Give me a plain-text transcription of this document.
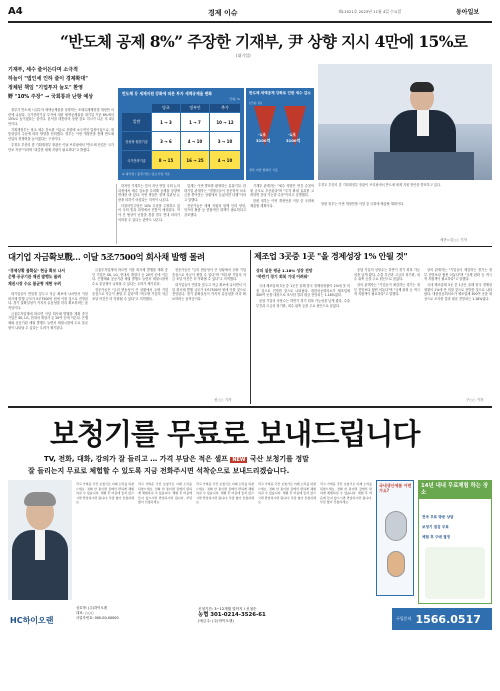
A4	경제 이슈	제11521호 2023년 11월 4일 수요일	동아일보
“반도체 공제 8%” 주장한 기재부, 尹 상향 지시 4만에 15%로
(대기업)
기재부, 세수 줄어든다며 소극적
하늘이 "법인세 인하 줄이 경제확대"
정체된 책임 "기업투자 늘도" 환영
野 "10% 주장" → 국회통과 난항 예상

정부가 반도체 시설투자 세액공제율을 상향하는 조세특례제한법 개정안 마련에 나섰다. 국가전략기술 투자에 대한 세액공제율을 대기업 기준 8%에서 15%로 높이겠다는 것이다. 윤석열 대통령의 상향 검토 지시가 나온 지 4일 만이다.

기획재정부는 당초 세수 감소를 이유로 상향에 소극적인 입장이었으나, 대통령실의 주문에 따라 방향을 선회했다. 정부는 이번 개정안을 통해 반도체 산업의 경쟁력을 높이겠다는 구상이다.

추경호 부총리 겸 기획재정부 장관은 이날 브리핑에서 "반도체 산업은 국가 안보 자산"이라며 "과감한 세제 지원이 필요하다"고 밝혔다.

반도체 등 세제지원 강화에 따른 투자 세액공제율 변화
단위: %
당초	정부안	추가
일반	1 → 3	1 → 7	10 → 12
신성장·원천기술	3 → 6	4 → 10	3 → 10
국가전략기술	8 → 15	16 → 25	4 → 10
※ 대기업 / 중견기업 / 중소기업 기준
반도체 세액공제 강화로 인한 세수 감소
(단위: 원)
-1조
3100억
-1조
3100억
정부·여당 합의안 기준
추경호 부총리 겸 기획재정부 장관이 브리핑에서 반도체 세제 지원 방안을 발표하고 있다.

하지만 기재부는 앞서 지난 연말 국회 논의 과정에서 세수 감소를 우려해 공제율 상향에 반대한 바 있다. 이번 방침은 정책 일관성 논란을 피하기 어렵다는 지적이 나온다.

더불어민주당은 10% 수준을 주장하고 있어 국회 통과 과정에서 진통이 예상된다. 여야 간 협상이 난항을 겪을 경우 연내 처리가 어려울 수 있다는 관측도 나온다.

업계는 이번 발표를 환영하는 분위기다. 한 대기업 관계자는 "경쟁국들이 천문학적 보조금을 쏟아붓는 상황에서 늦었지만 다행"이라고 말했다.

전문가들은 세제 지원과 함께 인력 양성, 인프라 확충 등 종합적인 대책이 필요하다고 강조했다.

기재부 관계자는 "세수 영향은 연간 수천억 원 규모로 추산된다"며 "투자 확대 효과를 고려하면 감당 가능한 수준"이라고 설명했다.

한편 정부는 이번 개정안을 이달 중 국회에 제출할 계획이다.	한편 정부는 이번 개정안을 이달 중 국회에 제출할 계획이다.

세종=김○○ 기자
대기업 자금확보戰… 이달 5조7500억 회사채 발행 몰려
"경제상황 불확실" 현금 확보 나서
은행·공공기관 채권 발행도 몰려
채권시장 수요 불균형 재현 우려

대기업들이 연말을 앞두고 자금 확보에 나서면서 이달 회사채 발행 규모가 5조7500억 원에 이를 것으로 전망된다. 경기 불확실성이 커지자 유동성을 미리 확보하려는 움직임이다.

금융투자업계에 따르면 이달 회사채 발행을 계획 중인 기업은 SK, LG, 현대차 계열사 등 20여 곳에 이른다. 은행채와 공공기관 채권 발행도 늘면서 채권시장에 수요 불균형이 나타날 수 있다는 우려가 제기된다.

금융투자업계에 따르면 이달 회사채 발행을 계획 중인 기업은 SK, LG, 현대차 계열사 등 20여 곳에 이른다. 은행채와 공공기관 채권 발행도 늘면서 채권시장에 수요 불균형이 나타날 수 있다는 우려가 제기된다.

전문가들은 "금리 변동성이 큰 상황에서 우량 기업 중심으로 자금이 쏠릴 수 있다"며 "비우량 기업의 자금 조달 여건은 더 악화될 수 있다"고 지적했다.

전문가들은 "금리 변동성이 큰 상황에서 우량 기업 중심으로 자금이 쏠릴 수 있다"며 "비우량 기업의 자금 조달 여건은 더 악화될 수 있다"고 지적했다.

대기업들이 연말을 앞두고 자금 확보에 나서면서 이달 회사채 발행 규모가 5조7500억 원에 이를 것으로 전망된다. 경기 불확실성이 커지자 유동성을 미리 확보하려는 움직임이다.

신○○ 기자
제조업 3곳중 1곳 "올 경제성장 1% 안될 것"
상의 설문 평균 1.18% 성장 전망
"하반기 경기 회복 기대 어려워"

국내 제조업체 3곳 중 1곳은 올해 한국 경제성장률이 1%에 못 미칠 것으로 전망한 것으로 나타났다. 대한상공회의소가 제조업체 300여 곳을 대상으로 조사한 결과 평균 전망치는 1.18%였다.

응답 기업의 상당수는 하반기 경기 회복 가능성을 낮게 봤다. 수출 부진과 고금리 장기화, 내수 위축 등을 주요 원인으로 꼽았다.

응답 기업의 상당수는 하반기 경기 회복 가능성을 낮게 봤다. 수출 부진과 고금리 장기화, 내수 위축 등을 주요 원인으로 꼽았다.

상의 관계자는 "기업들이 체감하는 경기는 정부 전망보다 훨씬 어둡다"며 "규제 완화 등 적극적 지원책이 필요하다"고 말했다.

상의 관계자는 "기업들이 체감하는 경기는 정부 전망보다 훨씬 어둡다"며 "규제 완화 등 적극적 지원책이 필요하다"고 말했다.

국내 제조업체 3곳 중 1곳은 올해 한국 경제성장률이 1%에 못 미칠 것으로 전망한 것으로 나타났다. 대한상공회의소가 제조업체 300여 곳을 대상으로 조사한 결과 평균 전망치는 1.18%였다.

구○○ 기자
보청기를 무료로 보내드립니다
TV, 전화, 대화, 강의가 잘 들리고 … 가격 부담은 적은 셀프 NEW 국산 보청기를 정말
잘 들리는지 무료로 체험할 수 있도록 지금 전화주시면 석착순으로 보내드리겠습니다.
작고 가벼운 국산 보청기로 이제 소리를 되찾으세요. 전화 한 통이면 집에서 편하게 체험하실 수 있습니다. 체험 후 마음에 들지 않으시면 반납하시면 됩니다. 부담 없이 신청하세요.
작고 가벼운 국산 보청기로 이제 소리를 되찾으세요. 전화 한 통이면 집에서 편하게 체험하실 수 있습니다. 체험 후 마음에 들지 않으시면 반납하시면 됩니다. 부담 없이 신청하세요.
작고 가벼운 국산 보청기로 이제 소리를 되찾으세요. 전화 한 통이면 집에서 편하게 체험하실 수 있습니다. 체험 후 마음에 들지 않으시면 반납하시면 됩니다. 부담 없이 신청하세요.
작고 가벼운 국산 보청기로 이제 소리를 되찾으세요. 전화 한 통이면 집에서 편하게 체험하실 수 있습니다. 체험 후 마음에 들지 않으시면 반납하시면 됩니다. 부담 없이 신청하세요.
작고 가벼운 국산 보청기로 이제 소리를 되찾으세요. 전화 한 통이면 집에서 편하게 체험하실 수 있습니다. 체험 후 마음에 들지 않으시면 반납하시면 됩니다. 부담 없이 신청하세요.
국내생산제품 어떤가요?
14년 내내 무료체험 하는 장소
전국 무료 방문 상담
보청기 점검 무료
체험 후 구매 결정
HC하이오랜
상호명: (주)하이오랜
대표: ○○○
사업자번호: 000-00-00000
신청기간: 3~12개월 말까지 / 신청순
농협 301-0214-3526-61
(예금주: (주)하이오랜)	구입문의 1566.0517
